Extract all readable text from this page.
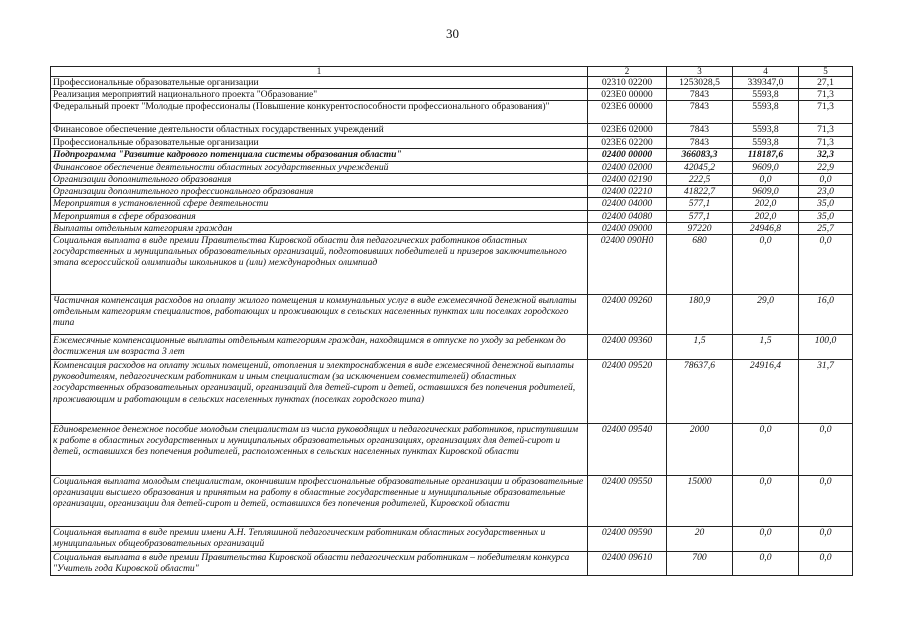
30
1	2	3	4	5
Профессиональные образовательные организации	02310 02200	1253028,5	339347,0	27,1
Реализация мероприятий национального проекта "Образование"	023E0 00000	7843	5593,8	71,3
Федеральный проект "Молодые профессионалы (Повышение конкурентоспособности профессионального образования)"	023E6 00000	7843	5593,8	71,3
Финансовое обеспечение деятельности областных государственных учреждений	023E6 02000	7843	5593,8	71,3
Профессиональные образовательные организации	023E6 02200	7843	5593,8	71,3
Подпрограмма "Развитие кадрового потенциала системы образования области"	02400 00000	366083,3	118187,6	32,3
Финансовое обеспечение деятельности областных государственных учреждений	02400 02000	42045,2	9609,0	22,9
Организации дополнительного образования	02400 02190	222,5	0,0	0,0
Организации дополнительного профессионального образования	02400 02210	41822,7	9609,0	23,0
Мероприятия в установленной сфере деятельности	02400 04000	577,1	202,0	35,0
Мероприятия в сфере образования	02400 04080	577,1	202,0	35,0
Выплаты отдельным категориям граждан	02400 09000	97220	24946,8	25,7
Социальная выплата в виде премии Правительства Кировской области для педагогических работников областных государственных и муниципальных образовательных организаций, подготовивших победителей и призеров заключительного этапа всероссийской олимпиады школьников и (или) международных олимпиад	02400 090Н0	680	0,0	0,0
Частичная компенсация расходов на оплату жилого помещения и коммунальных услуг в виде ежемесячной денежной выплаты отдельным категориям специалистов, работающих и проживающих в сельских населенных пунктах или поселках городского типа	02400 09260	180,9	29,0	16,0
Ежемесячные компенсационные выплаты отдельным категориям граждан, находящимся в отпуске по уходу за ребенком до достижения им возраста 3 лет	02400 09360	1,5	1,5	100,0
Компенсация расходов на оплату жилых помещений, отопления и электроснабжения в виде ежемесячной денежной выплаты руководителям, педагогическим работникам и иным специалистам (за исключением совместителей) областных государственных образовательных организаций, организаций для детей-сирот и детей, оставшихся без попечения родителей, проживающим и работающим в сельских населенных пунктах (поселках городского типа)	02400 09520	78637,6	24916,4	31,7
Единовременное денежное пособие молодым специалистам из числа руководящих и педагогических работников, приступившим к работе в областных государственных и муниципальных образовательных организациях, организациях для детей-сирот и детей, оставшихся без попечения родителей, расположенных в сельских населенных пунктах Кировской области	02400 09540	2000	0,0	0,0
Социальная выплата молодым специалистам, окончившим профессиональные образовательные организации и образовательные организации высшего образования и принятым на работу в областные государственные и муниципальные образовательные организации, организации для детей-сирот и детей, оставшихся без попечения родителей, Кировской области	02400 09550	15000	0,0	0,0
Социальная выплата в виде премии имени А.Н. Тепляшиной педагогическим работникам областных государственных и муниципальных общеобразовательных организаций	02400 09590	20	0,0	0,0
Социальная выплата в виде премии Правительства Кировской области педагогическим работникам – победителям конкурса "Учитель года Кировской области"	02400 09610	700	0,0	0,0
